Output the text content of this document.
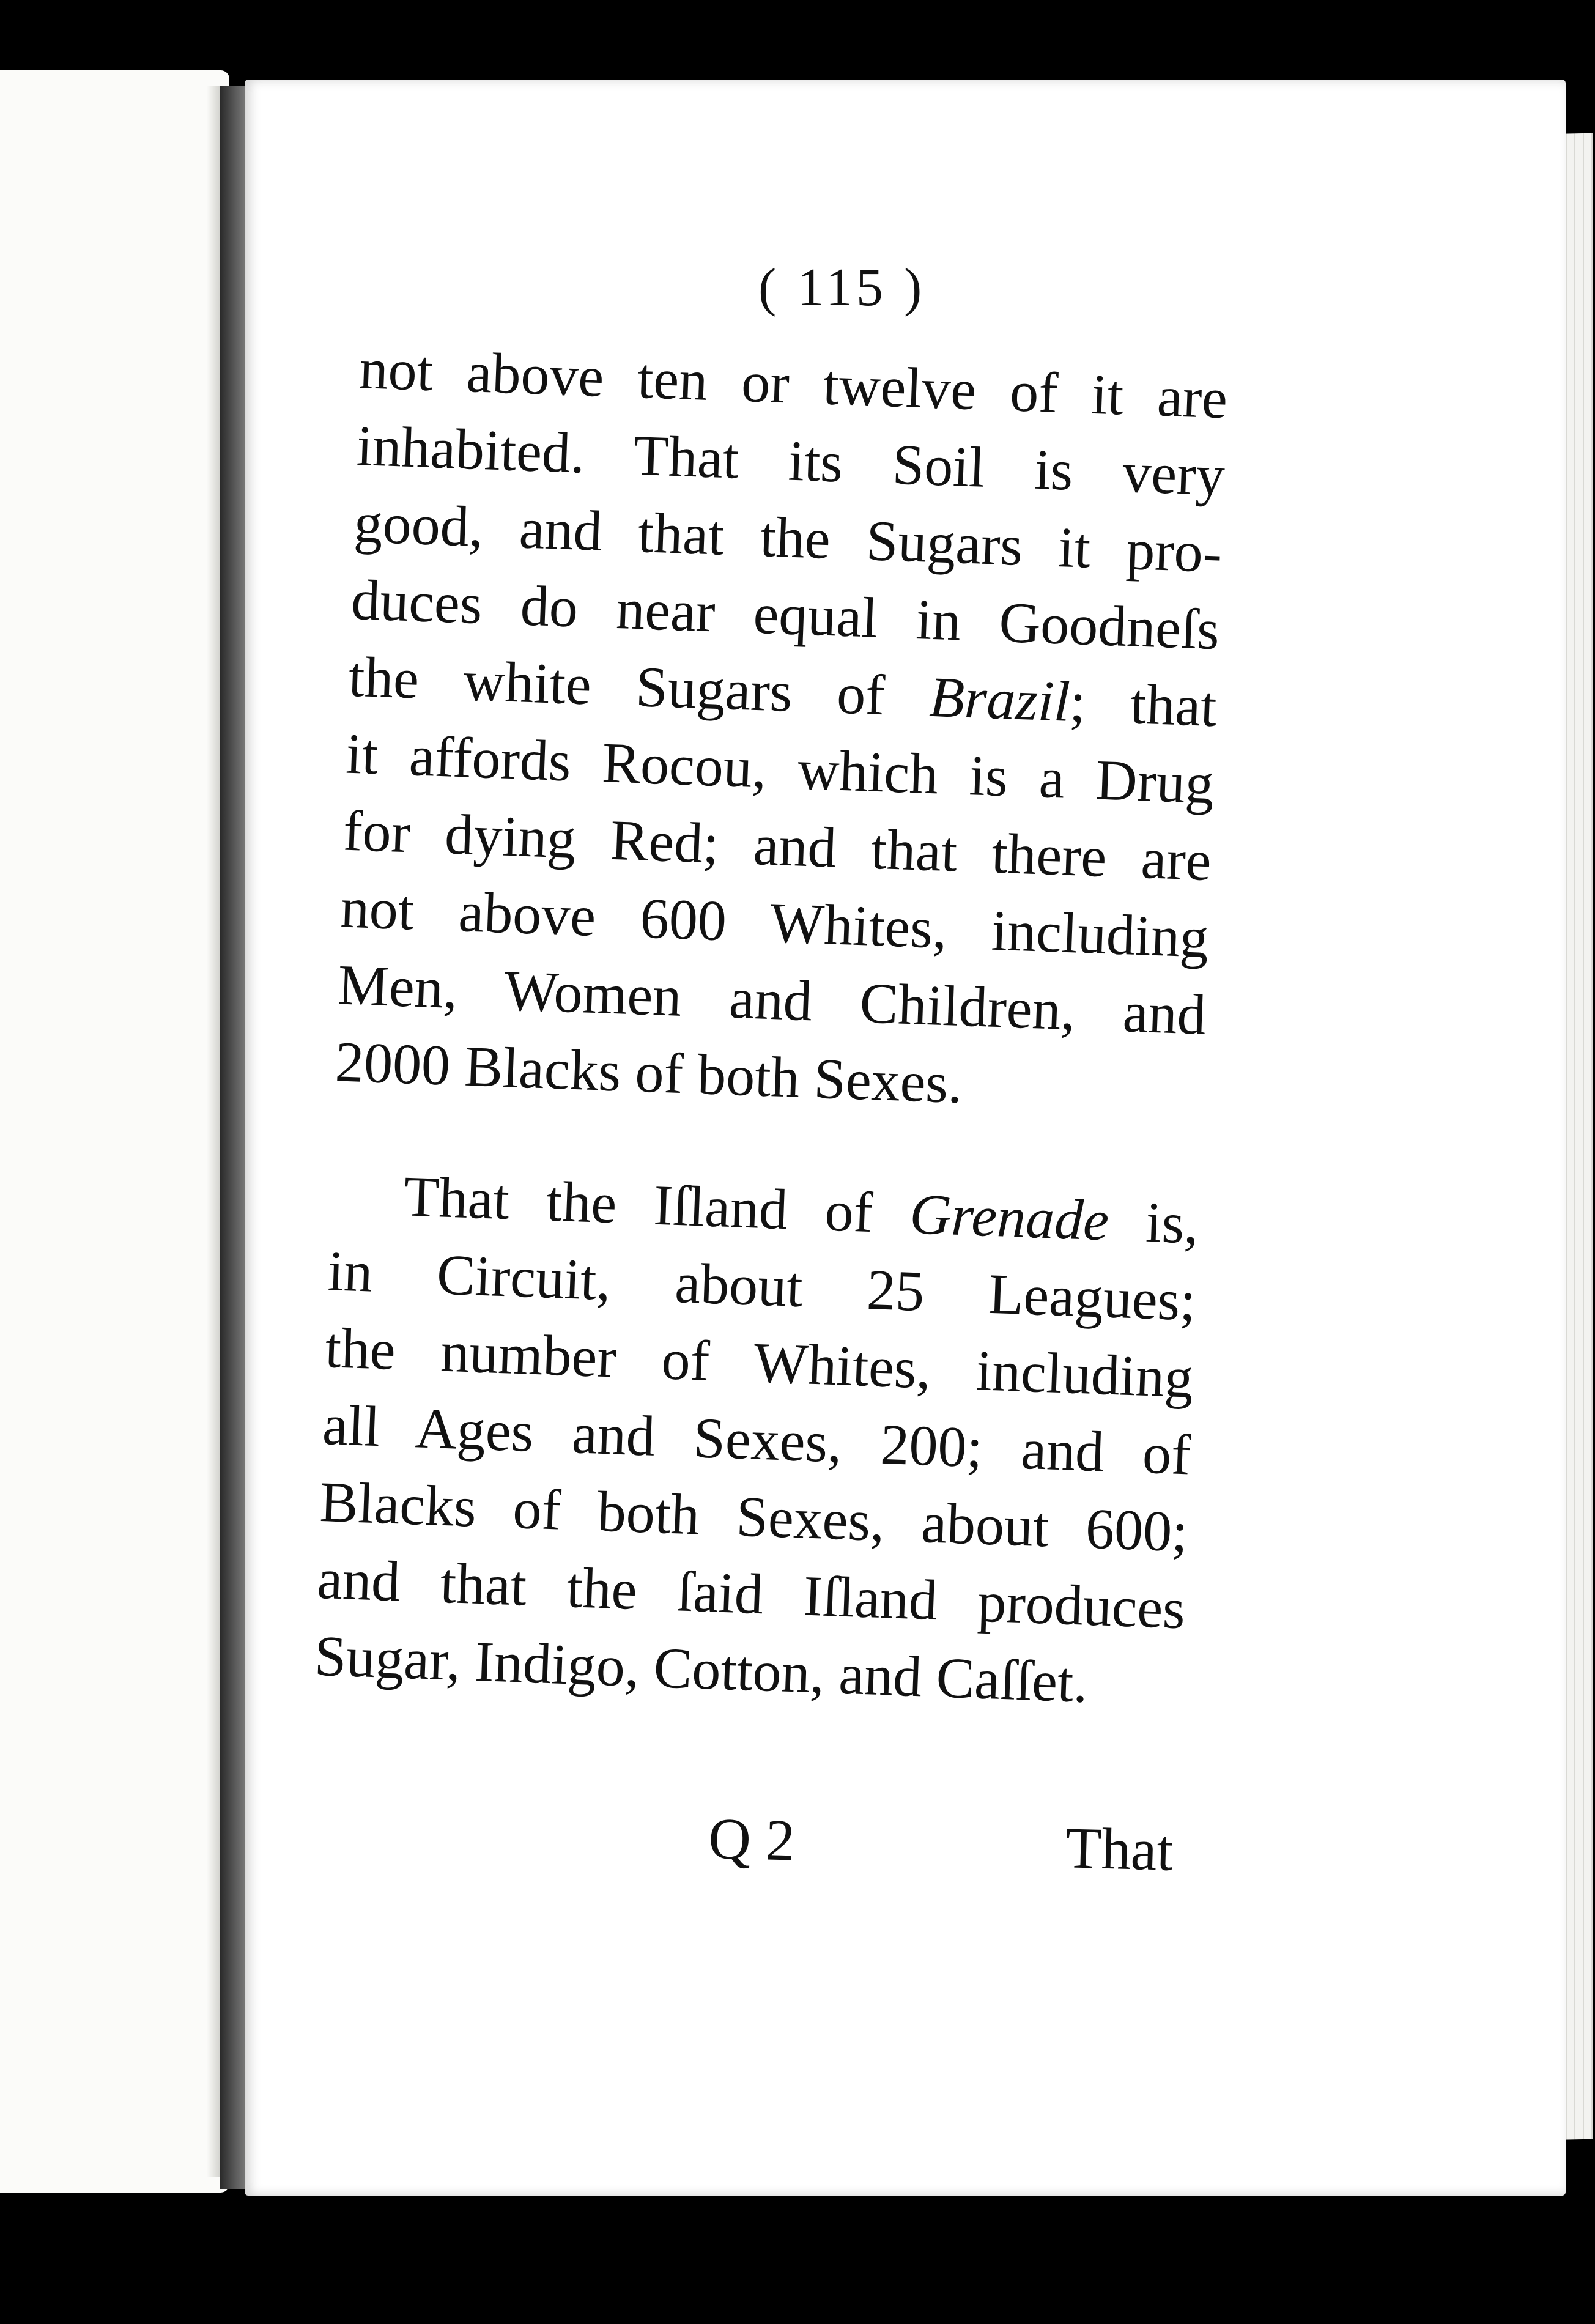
( 115 )
not above ten or twelve of it are
inhabited. That its Soil is very
good, and that the Sugars it pro-
duces do near equal in Goodneſs
the white Sugars of Brazil; that
it affords Rocou, which is a Drug
for dying Red; and that there are
not above 600 Whites, including
Men, Women and Children, and
2000 Blacks of both Sexes.
That the Iſland of Grenade is,
in Circuit, about 25 Leagues;
the number of Whites, including
all Ages and Sexes, 200; and of
Blacks of both Sexes, about 600;
and that the ſaid Iſland produces
Sugar, Indigo, Cotton, and Caſſet.
Q 2	That
